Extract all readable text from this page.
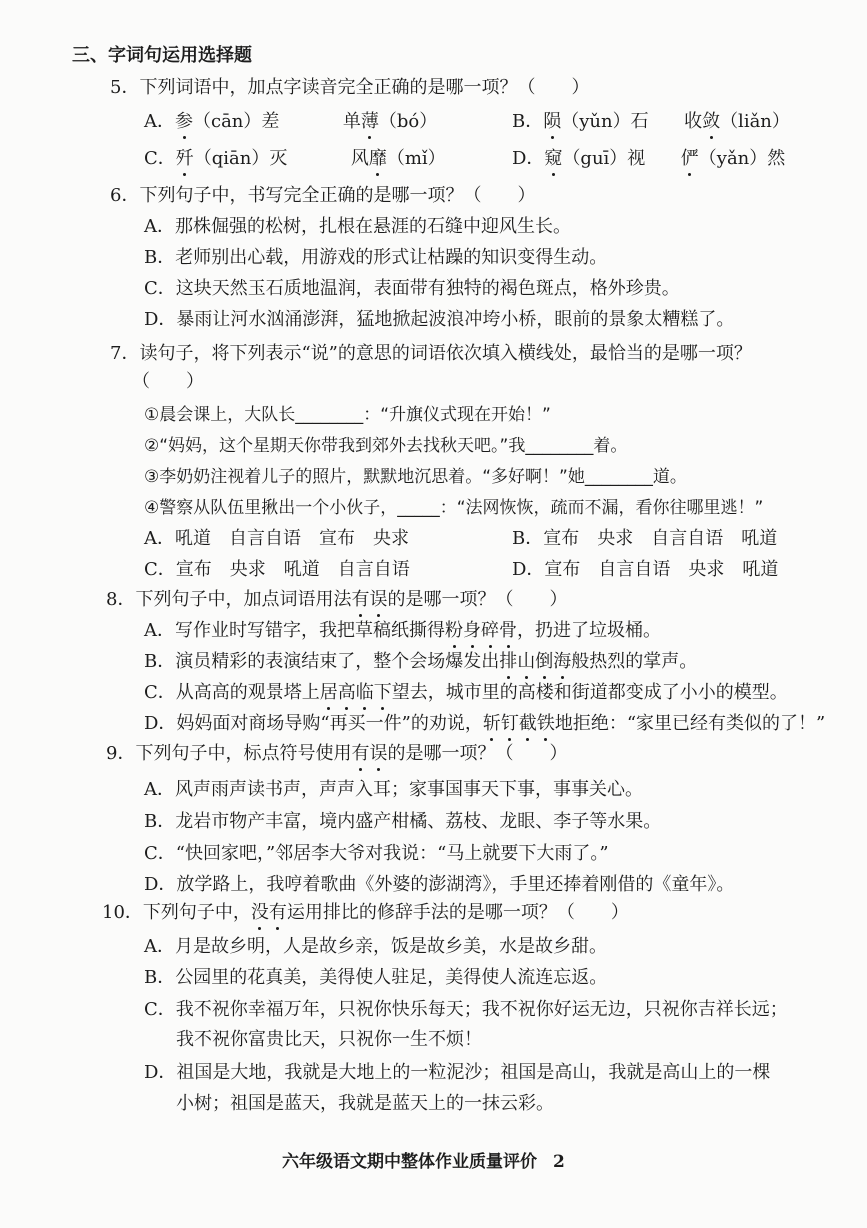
三、字词句运用选择题
5．下列词语中，加点字读音完全正确的是哪一项？（　　）
A．参（cān）差	单薄（bó）	B．陨（yǔn）石 收敛（liǎn）
C．歼（qiān）灭	风靡（mǐ）	D．窥（guī）视 俨（yǎn）然
6．下列句子中，书写完全正确的是哪一项？（　　）
A．那株倔强的松树，扎根在悬涯的石缝中迎风生长。
B．老师别出心载，用游戏的形式让枯躁的知识变得生动。
C．这块天然玉石质地温润，表面带有独特的褐色斑点，格外珍贵。
D．暴雨让河水汹涌澎湃，猛地掀起波浪冲垮小桥，眼前的景象太糟糕了。
7．读句子，将下列表示“说”的意思的词语依次填入横线处，最恰当的是哪一项？
（　　）
①晨会课上，大队长________：“升旗仪式现在开始！”
②“妈妈，这个星期天你带我到郊外去找秋天吧。”我________着。
③李奶奶注视着儿子的照片，默默地沉思着。“多好啊！”她________道。
④警察从队伍里揪出一个小伙子，_____：“法网恢恢，疏而不漏，看你往哪里逃！”
A．吼道　自言自语　宣布　央求	B．宣布　央求　自言自语　吼道
C．宣布　央求　吼道　自言自语	D．宣布　自言自语　央求　吼道
8．下列句子中，加点词语用法有误的是哪一项？（　　）
A．写作业时写错字，我把草稿纸撕得粉身碎骨，扔进了垃圾桶。
B．演员精彩的表演结束了，整个会场爆发出排山倒海般热烈的掌声。
C．从高高的观景塔上居高临下望去，城市里的高楼和街道都变成了小小的模型。
D．妈妈面对商场导购“再买一件”的劝说，斩钉截铁地拒绝：“家里已经有类似的了！”
9．下列句子中，标点符号使用有误的是哪一项？（　　）
A．风声雨声读书声，声声入耳；家事国事天下事，事事关心。
B．龙岩市物产丰富，境内盛产柑橘、荔枝、龙眼、李子等水果。
C．“快回家吧，”邻居李大爷对我说：“马上就要下大雨了。”
D．放学路上，我哼着歌曲《外婆的澎湖湾》，手里还捧着刚借的《童年》。
10．下列句子中，没有运用排比的修辞手法的是哪一项？（　　）
A．月是故乡明，人是故乡亲，饭是故乡美，水是故乡甜。
B．公园里的花真美，美得使人驻足，美得使人流连忘返。
C．我不祝你幸福万年，只祝你快乐每天；我不祝你好运无边，只祝你吉祥长远；
我不祝你富贵比天，只祝你一生不烦！
D．祖国是大地，我就是大地上的一粒泥沙；祖国是高山，我就是高山上的一棵
小树；祖国是蓝天，我就是蓝天上的一抹云彩。
六年级语文期中整体作业质量评价 2
